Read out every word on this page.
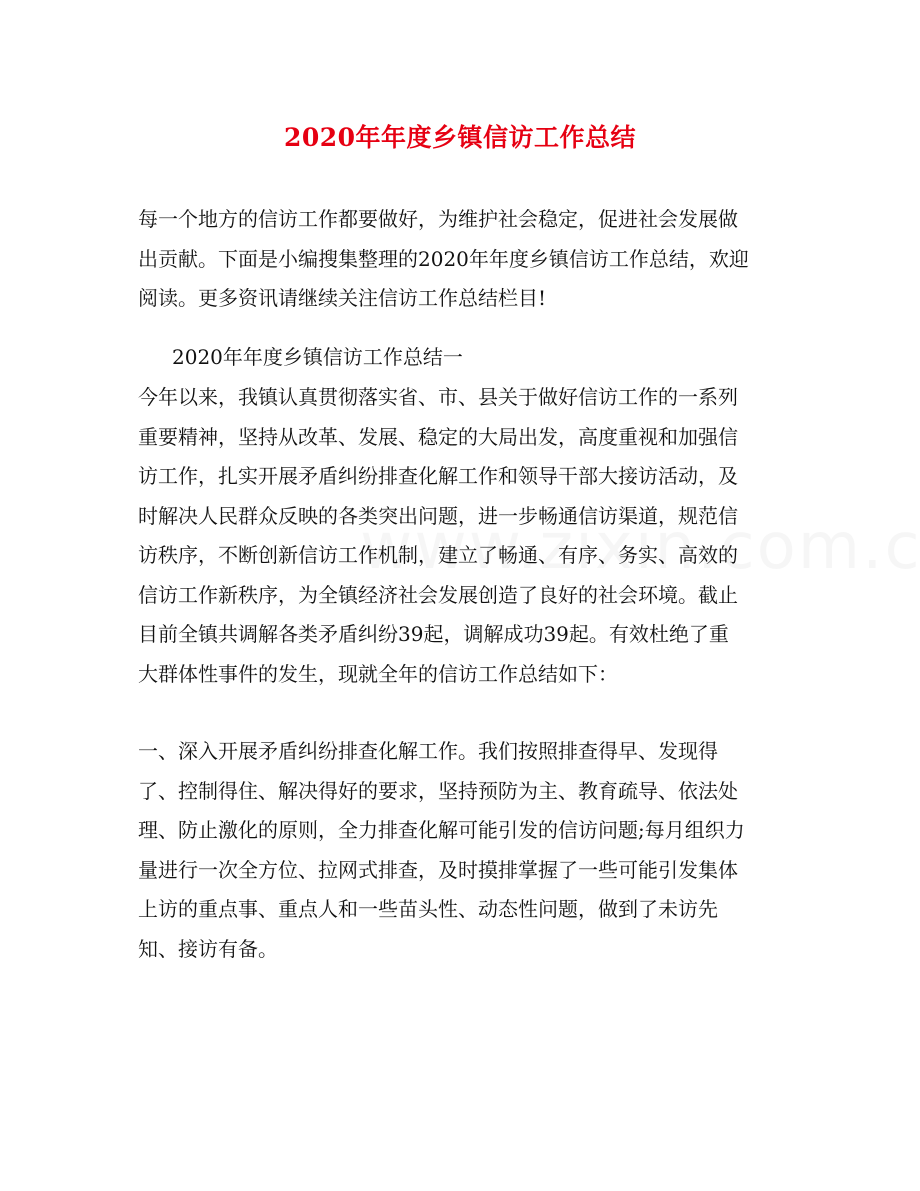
2020年年度乡镇信访工作总结
每一个地方的信访工作都要做好，为维护社会稳定，促进社会发展做
出贡献。下面是小编搜集整理的2020年年度乡镇信访工作总结，欢迎
阅读。更多资讯请继续关注信访工作总结栏目!
2020年年度乡镇信访工作总结一
今年以来，我镇认真贯彻落实省、市、县关于做好信访工作的一系列
重要精神，坚持从改革、发展、稳定的大局出发，高度重视和加强信
访工作，扎实开展矛盾纠纷排查化解工作和领导干部大接访活动，及
时解决人民群众反映的各类突出问题，进一步畅通信访渠道，规范信
访秩序，不断创新信访工作机制，建立了畅通、有序、务实、高效的
信访工作新秩序，为全镇经济社会发展创造了良好的社会环境。截止
目前全镇共调解各类矛盾纠纷39起，调解成功39起。有效杜绝了重
大群体性事件的发生，现就全年的信访工作总结如下：
一、深入开展矛盾纠纷排查化解工作。我们按照排查得早、发现得
了、控制得住、解决得好的要求，坚持预防为主、教育疏导、依法处
理、防止激化的原则，全力排查化解可能引发的信访问题;每月组织力
量进行一次全方位、拉网式排查，及时摸排掌握了一些可能引发集体
上访的重点事、重点人和一些苗头性、动态性问题，做到了未访先
知、接访有备。
